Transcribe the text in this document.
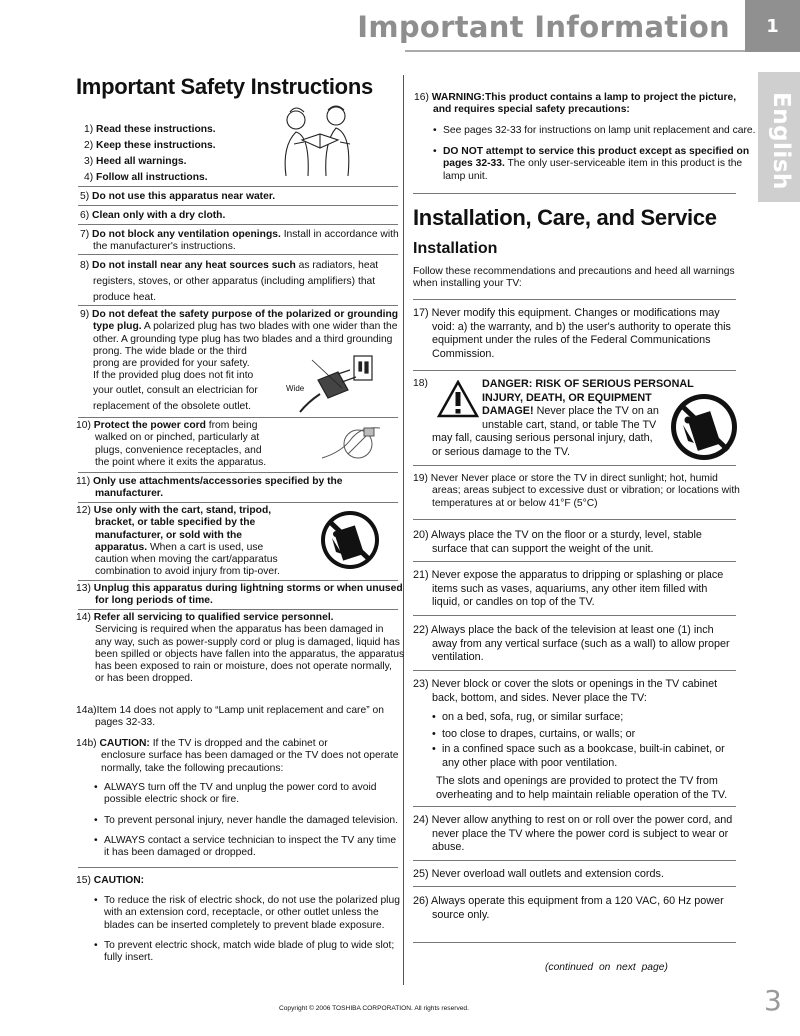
Important Information	1
English
Important Safety Instructions
1) Read these instructions.
2) Keep these instructions.
3) Heed all warnings.
4) Follow all instructions.
5) Do not use this apparatus near water.
6) Clean only with a dry cloth.
7) Do not block any ventilation openings. Install in accordance with
the manufacturer's instructions.
8) Do not install near any heat sources such as radiators, heat
registers, stoves, or other apparatus (including amplifiers) that
produce heat.
9) Do not defeat the safety purpose of the polarized or grounding
type plug. A polarized plug has two blades with one wider than the
other. A grounding type plug has two blades and a third grounding
prong. The wide blade or the third
prong are provided for your safety.
If the provided plug does not fit into
your outlet, consult an electrician for
replacement of the obsolete outlet.
Wide
10) Protect the power cord from being
walked on or pinched, particularly at
plugs, convenience receptacles, and
the point where it exits the apparatus.
11) Only use attachments/accessories specified by the
manufacturer.
12) Use only with the cart, stand, tripod,
bracket, or table specified by the
manufacturer, or sold with the
apparatus. When a cart is used, use
caution when moving the cart/apparatus
combination to avoid injury from tip-over.
13) Unplug this apparatus during lightning storms or when unused
for long periods of time.
14) Refer all servicing to qualified service personnel.
Servicing is required when the apparatus has been damaged in
any way, such as power-supply cord or plug is damaged, liquid has
been spilled or objects have fallen into the apparatus, the apparatus
has been exposed to rain or moisture, does not operate normally,
or has been dropped.
14a)Item 14 does not apply to “Lamp unit replacement and care” on
pages 32-33.
14b) CAUTION: If the TV is dropped and the cabinet or
enclosure surface has been damaged or the TV does not operate
normally, take the following precautions:
• ALWAYS turn off the TV and unplug the power cord to avoid
possible electric shock or fire.
• To prevent personal injury, never handle the damaged television.
• ALWAYS contact a service technician to inspect the TV any time
it has been damaged or dropped.
15) CAUTION:
• To reduce the risk of electric shock, do not use the polarized plug
with an extension cord, receptacle, or other outlet unless the
blades can be inserted completely to prevent blade exposure.
• To prevent electric shock, match wide blade of plug to wide slot;
fully insert.
16) WARNING:This product contains a lamp to project the picture,
and requires special safety precautions:
• See pages 32-33 for instructions on lamp unit replacement and care.
• DO NOT attempt to service this product except as specified on
pages 32-33. The only user-serviceable item in this product is the
lamp unit.
Installation, Care, and Service
Installation
Follow these recommendations and precautions and heed all warnings
when installing your TV:
17) Never modify this equipment. Changes or modifications may
void: a) the warranty, and b) the user's authority to operate this
equipment under the rules of the Federal Communications
Commission.
18)	DANGER: RISK OF SERIOUS PERSONAL
INJURY, DEATH, OR EQUIPMENT
DAMAGE! Never place the TV on an
unstable cart, stand, or table The TV
may fall, causing serious personal injury, dath,
or serious damage to the TV.
19) Never Never place or store the TV in direct sunlight; hot, humid
areas; areas subject to excessive dust or vibration; or locations with
temperatures at or below 41°F (5°C)
20) Always place the TV on the floor or a sturdy, level, stable
surface that can support the weight of the unit.
21) Never expose the apparatus to dripping or splashing or place
items such as vases, aquariums, any other item filled with
liquid, or candles on top of the TV.
22) Always place the back of the television at least one (1) inch
away from any vertical surface (such as a wall) to allow proper
ventilation.
23) Never block or cover the slots or openings in the TV cabinet
back, bottom, and sides. Never place the TV:
• on a bed, sofa, rug, or similar surface;
• too close to drapes, curtains, or walls; or
• in a confined space such as a bookcase, built-in cabinet, or
any other place with poor ventilation.
The slots and openings are provided to protect the TV from
overheating and to help maintain reliable operation of the TV.
24) Never allow anything to rest on or roll over the power cord, and
never place the TV where the power cord is subject to wear or
abuse.
25) Never overload wall outlets and extension cords.
26) Always operate this equipment from a 120 VAC, 60 Hz power
source only.
(continued on next page)
Copyright © 2006 TOSHIBA CORPORATION. All rights reserved.	3
